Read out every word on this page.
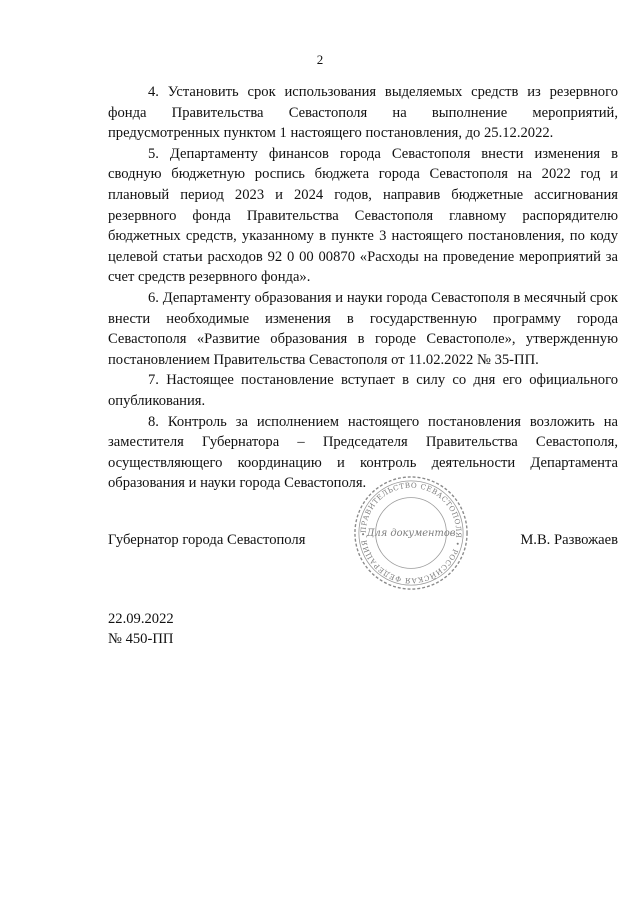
2

4. Установить срок использования выделяемых средств из резервного фонда Правительства Севастополя на выполнение мероприятий, предусмотренных пунктом 1 настоящего постановления, до 25.12.2022.

5. Департаменту финансов города Севастополя внести изменения в сводную бюджетную роспись бюджета города Севастополя на 2022 год и плановый период 2023 и 2024 годов, направив бюджетные ассигнования резервного фонда Правительства Севастополя главному распорядителю бюджетных средств, указанному в пункте 3 настоящего постановления, по коду целевой статьи расходов 92 0 00 00870 «Расходы на проведение мероприятий за счет средств резервного фонда».

6. Департаменту образования и науки города Севастополя в месячный срок внести необходимые изменения в государственную программу города Севастополя «Развитие образования в городе Севастополе», утвержденную постановлением Правительства Севастополя от 11.02.2022 № 35-ПП.

7. Настоящее постановление вступает в силу со дня его официального опубликования.

8. Контроль за исполнением настоящего постановления возложить на заместителя Губернатора – Председателя Правительства Севастополя, осуществляющего координацию и контроль деятельности Департамента образования и науки города Севастополя.

Губернатор города Севастополя	М.В. Развожаев
ПРАВИТЕЛЬСТВО СЕВАСТОПОЛЯ • РОССИЙСКАЯ ФЕДЕРАЦИЯ •
Для документов
22.09.2022
№ 450-ПП
